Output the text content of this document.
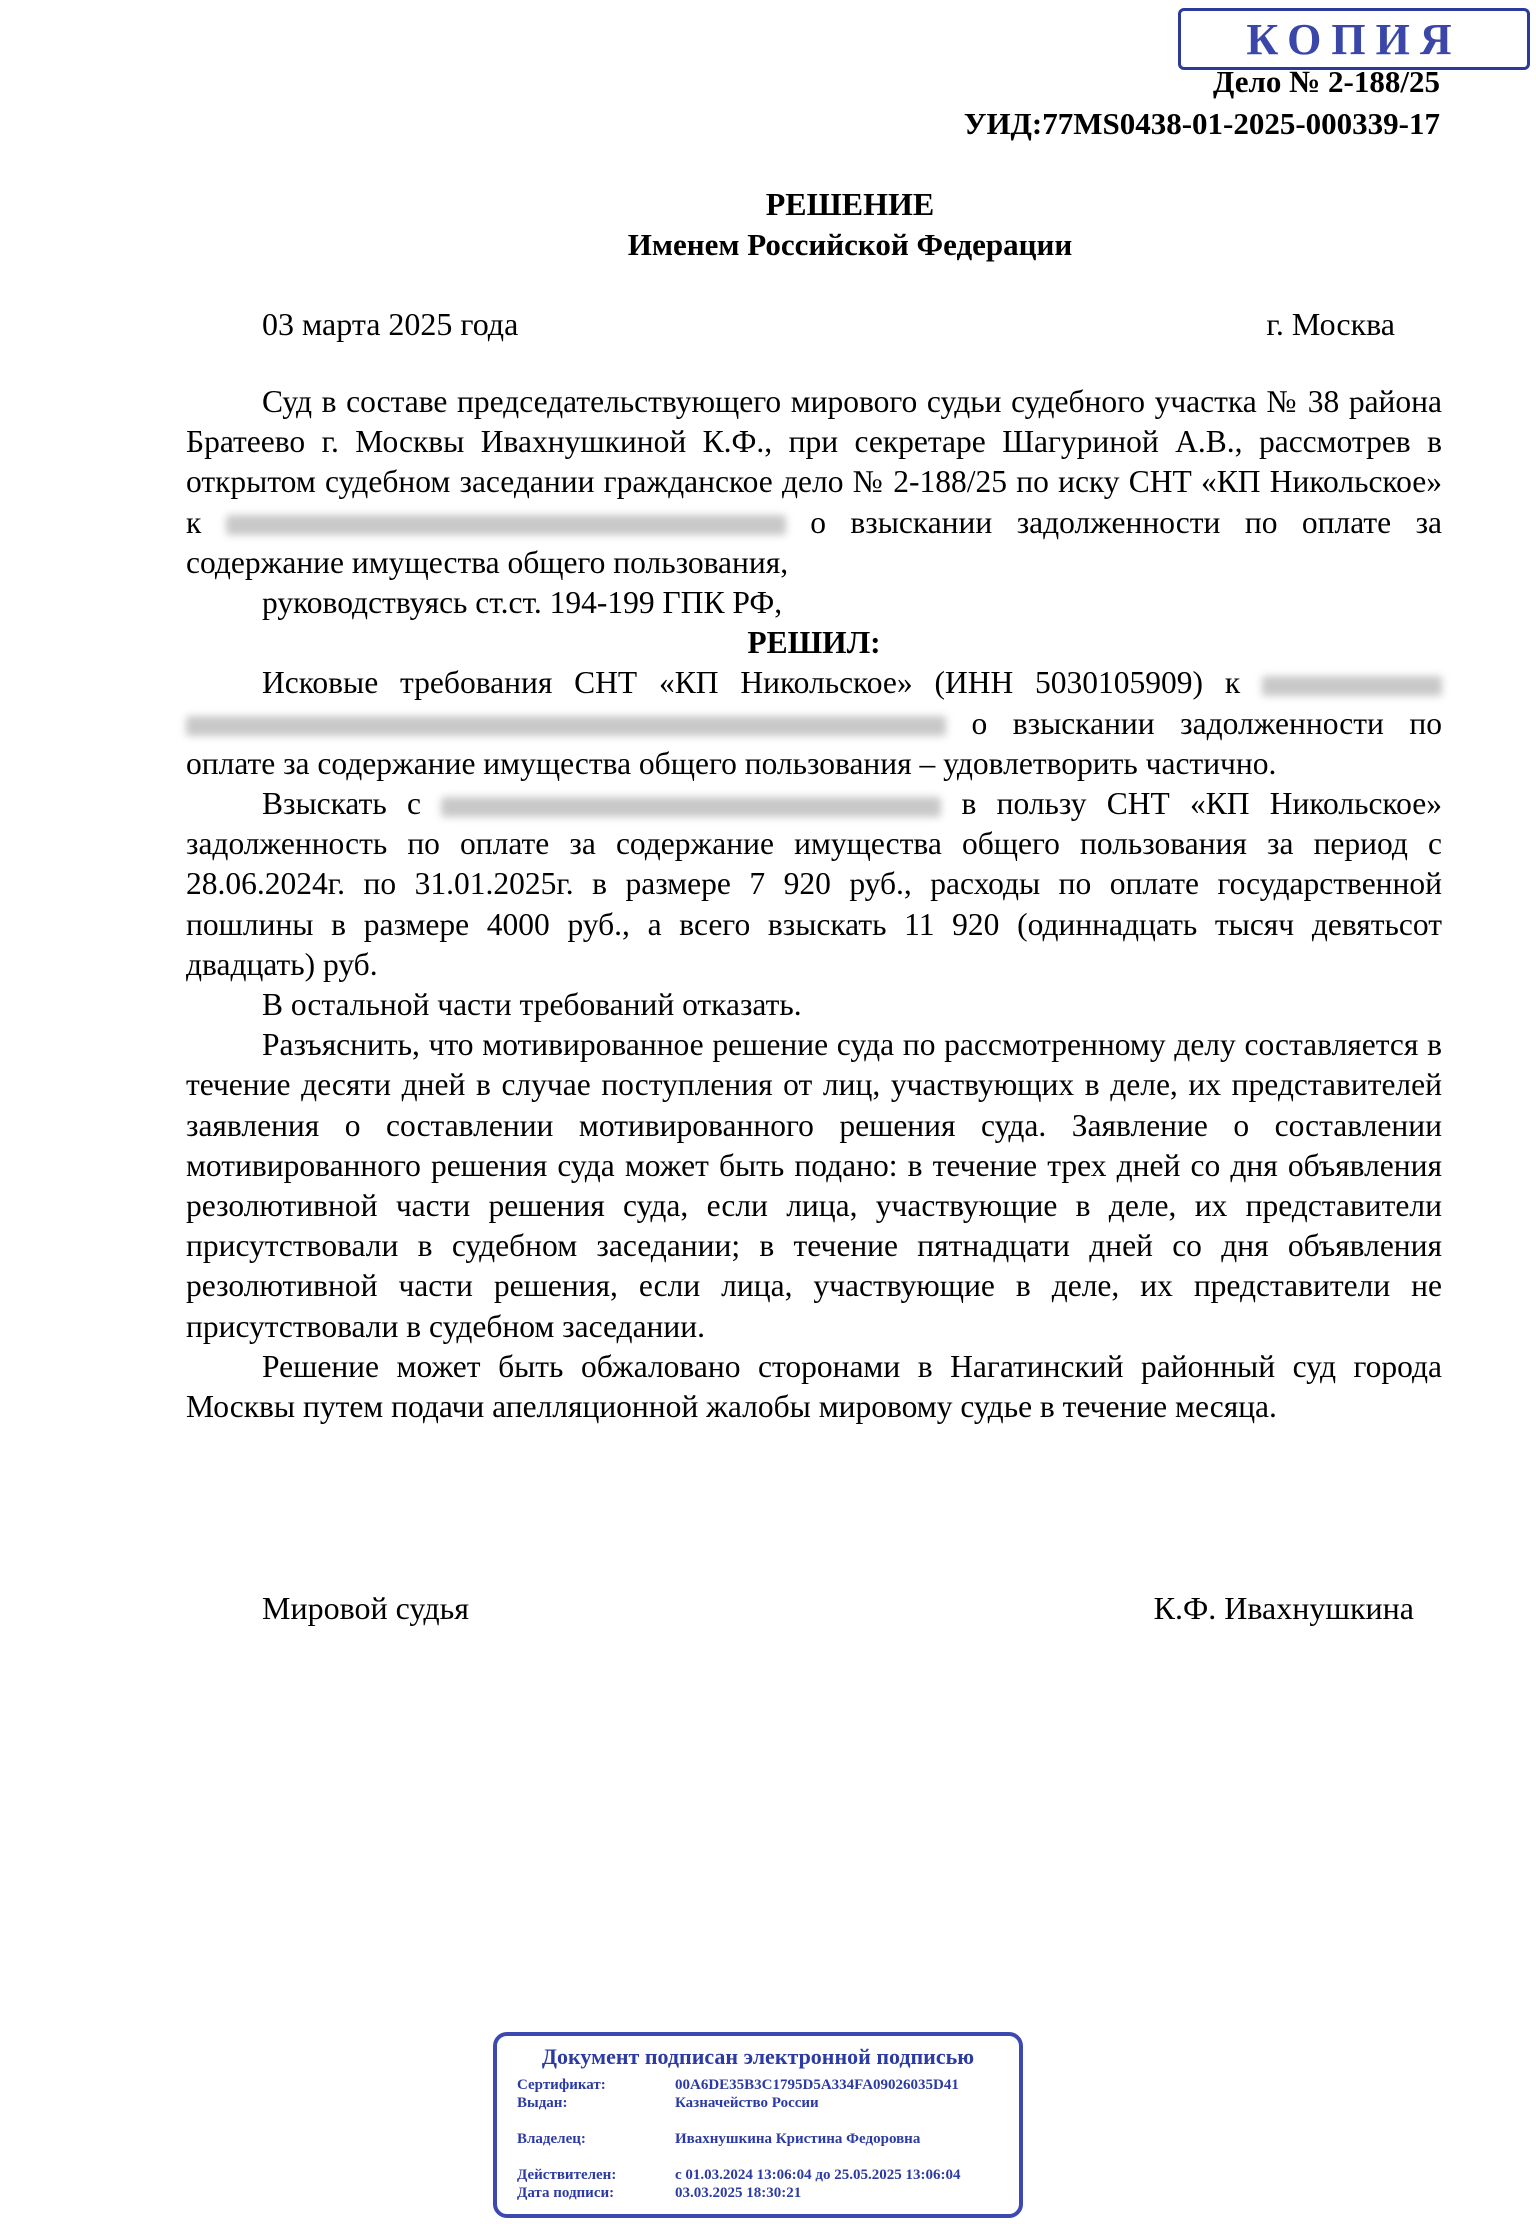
КОПИЯ
Дело № 2-188/25
УИД:77MS0438-01-2025-000339-17
РЕШЕНИЕ
Именем Российской Федерации
03 марта 2025 года	г. Москва

Суд в составе председательствующего мирового судьи судебного участка № 38 района Братеево г. Москвы Ивахнушкиной К.Ф., при секретаре Шагуриной А.В., рассмотрев в открытом судебном заседании гражданское дело № 2-188/25 по иску СНТ «КП Никольское» к	о взыскании задолженности по оплате за содержание имущества общего пользования,

руководствуясь ст.ст. 194-199 ГПК РФ,

РЕШИЛ:

Исковые требования СНТ «КП Никольское» (ИНН 5030105909) к   о взыскании задолженности по оплате за содержание имущества общего пользования – удовлетворить частично.

Взыскать с	в пользу СНТ «КП Никольское» задолженность по оплате за содержание имущества общего пользования за период с 28.06.2024г. по 31.01.2025г. в размере 7 920 руб., расходы по оплате государственной пошлины в размере 4000 руб., а всего взыскать 11 920 (одиннадцать тысяч девятьсот двадцать) руб.

В остальной части требований отказать.

Разъяснить, что мотивированное решение суда по рассмотренному делу составляется в течение десяти дней в случае поступления от лиц, участвующих в деле, их представителей заявления о составлении мотивированного решения суда. Заявление о составлении мотивированного решения суда может быть подано: в течение трех дней со дня объявления резолютивной части решения суда, если лица, участвующие в деле, их представители присутствовали в судебном заседании; в течение пятнадцати дней со дня объявления резолютивной части решения, если лица, участвующие в деле, их представители не присутствовали в судебном заседании.

Решение может быть обжаловано сторонами в Нагатинский районный суд города Москвы путем подачи апелляционной жалобы мировому судье в течение месяца.

Мировой судья	К.Ф. Ивахнушкина
Документ подписан электронной подписью
Сертификат:	00A6DE35B3C1795D5A334FA09026035D41
Выдан:	Казначейство России
Владелец:	Ивахнушкина Кристина Федоровна
Действителен:	с 01.03.2024 13:06:04 до 25.05.2025 13:06:04
Дата подписи:	03.03.2025 18:30:21
